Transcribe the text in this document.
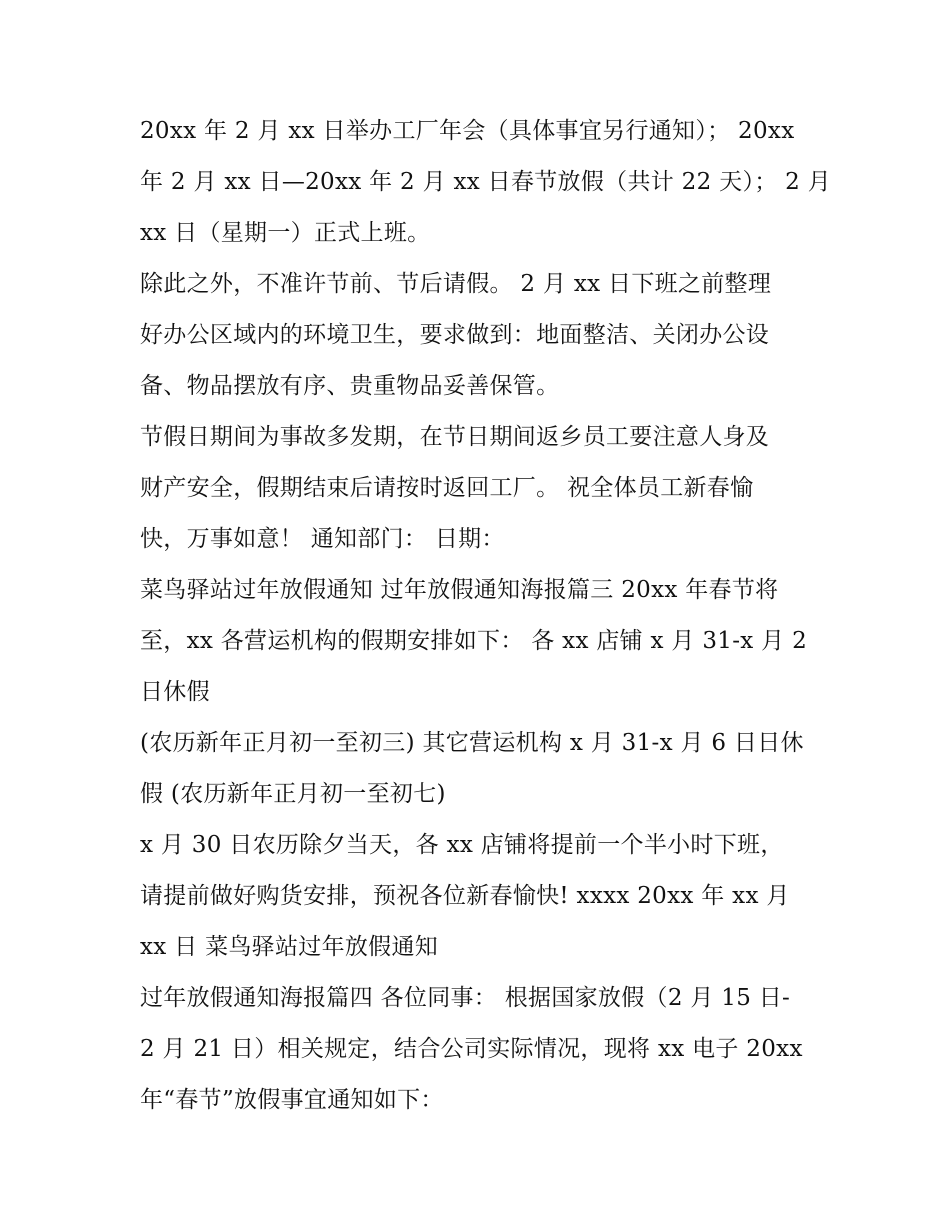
20xx 年 2 月 xx 日举办工厂年会（具体事宜另行通知）； 20xx
年 2 月 xx 日—20xx 年 2 月 xx 日春节放假（共计 22 天）； 2 月
xx 日（星期一）正式上班。
除此之外，不准许节前、节后请假。 2 月 xx 日下班之前整理
好办公区域内的环境卫生，要求做到：地面整洁、关闭办公设
备、物品摆放有序、贵重物品妥善保管。
节假日期间为事故多发期，在节日期间返乡员工要注意人身及
财产安全，假期结束后请按时返回工厂。 祝全体员工新春愉
快，万事如意！ 通知部门： 日期：
菜鸟驿站过年放假通知 过年放假通知海报篇三 20xx 年春节将
至，xx 各营运机构的假期安排如下： 各 xx 店铺 x 月 31-x 月 2
日休假
(农历新年正月初一至初三) 其它营运机构 x 月 31-x 月 6 日日休
假 (农历新年正月初一至初七)
x 月 30 日农历除夕当天，各 xx 店铺将提前一个半小时下班，
请提前做好购货安排，预祝各位新春愉快! xxxx 20xx 年 xx 月
xx 日 菜鸟驿站过年放假通知
过年放假通知海报篇四 各位同事： 根据国家放假（2 月 15 日-
2 月 21 日）相关规定，结合公司实际情况，现将 xx 电子 20xx
年“春节”放假事宜通知如下：
